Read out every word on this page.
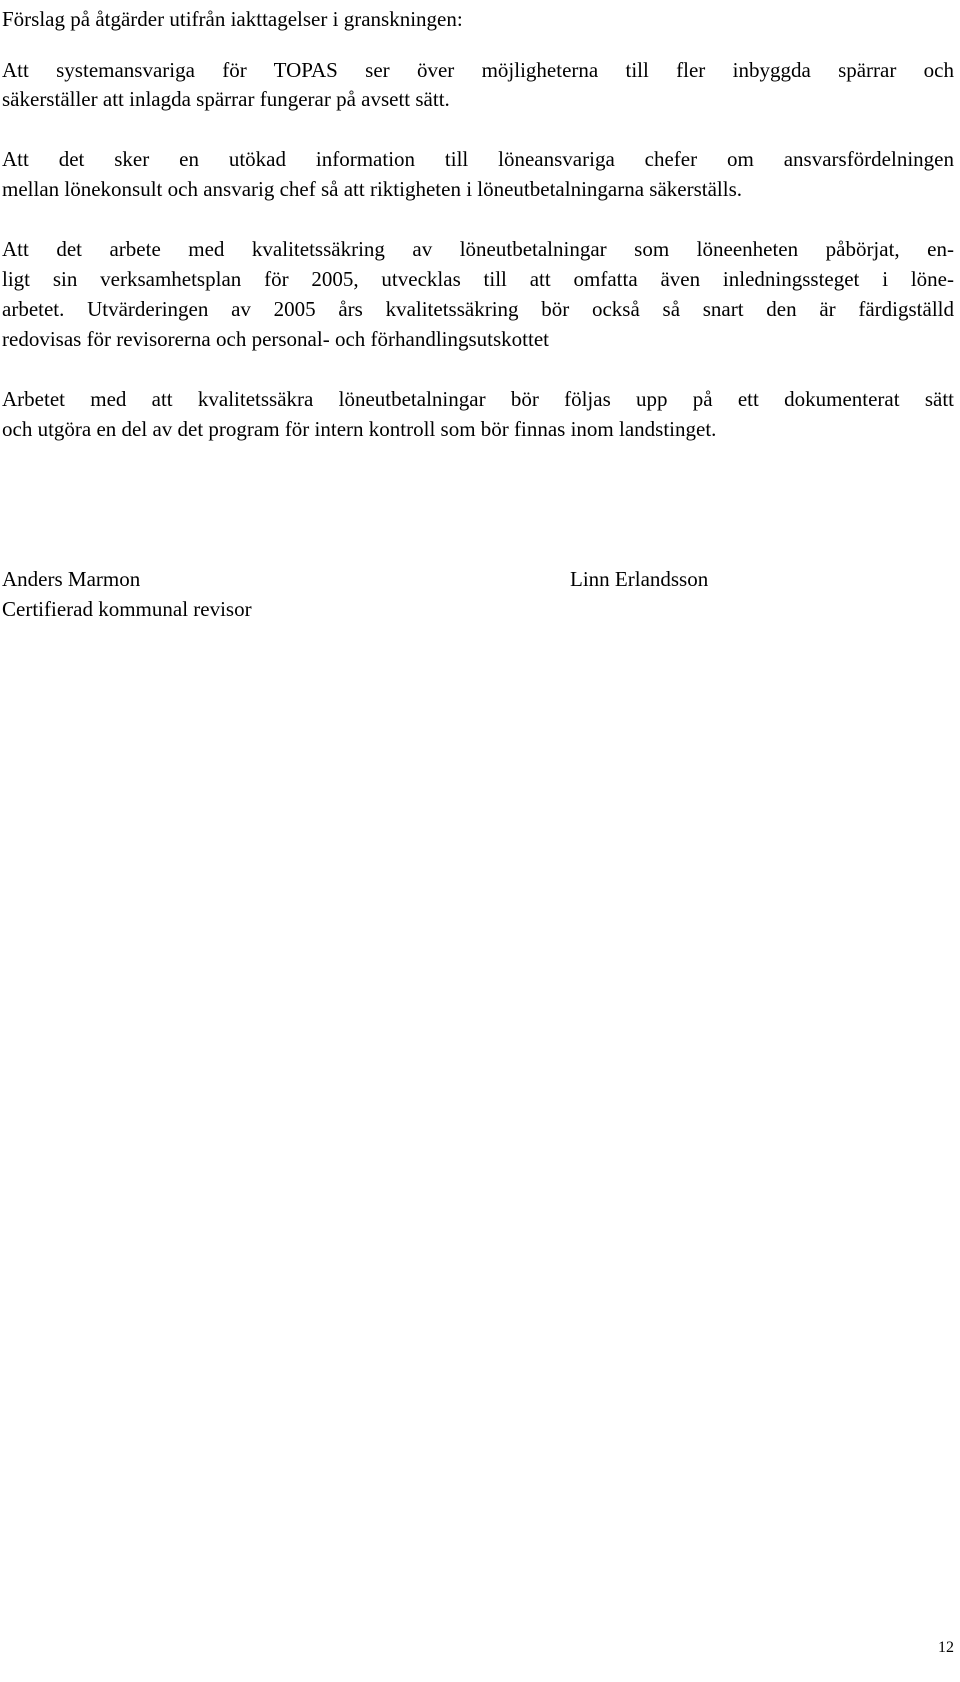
Förslag på åtgärder utifrån iakttagelser i granskningen:
Att systemansvariga för TOPAS ser över möjligheterna till fler inbyggda spärrar och
säkerställer att inlagda spärrar fungerar på avsett sätt.
Att det sker en utökad information till löneansvariga chefer om ansvarsfördelningen
mellan lönekonsult och ansvarig chef så att riktigheten i löneutbetalningarna säkerställs.
Att det arbete med kvalitetssäkring av löneutbetalningar som löneenheten påbörjat, en-
ligt sin verksamhetsplan för 2005, utvecklas till att omfatta även inledningssteget i löne-
arbetet. Utvärderingen av 2005 års kvalitetssäkring bör också så snart den är färdigställd
redovisas för revisorerna och personal- och förhandlingsutskottet
Arbetet med att kvalitetssäkra löneutbetalningar bör följas upp på ett dokumenterat sätt
och utgöra en del av det program för intern kontroll som bör finnas inom landstinget.
Anders Marmon
Certifierad kommunal revisor
Linn Erlandsson
12
